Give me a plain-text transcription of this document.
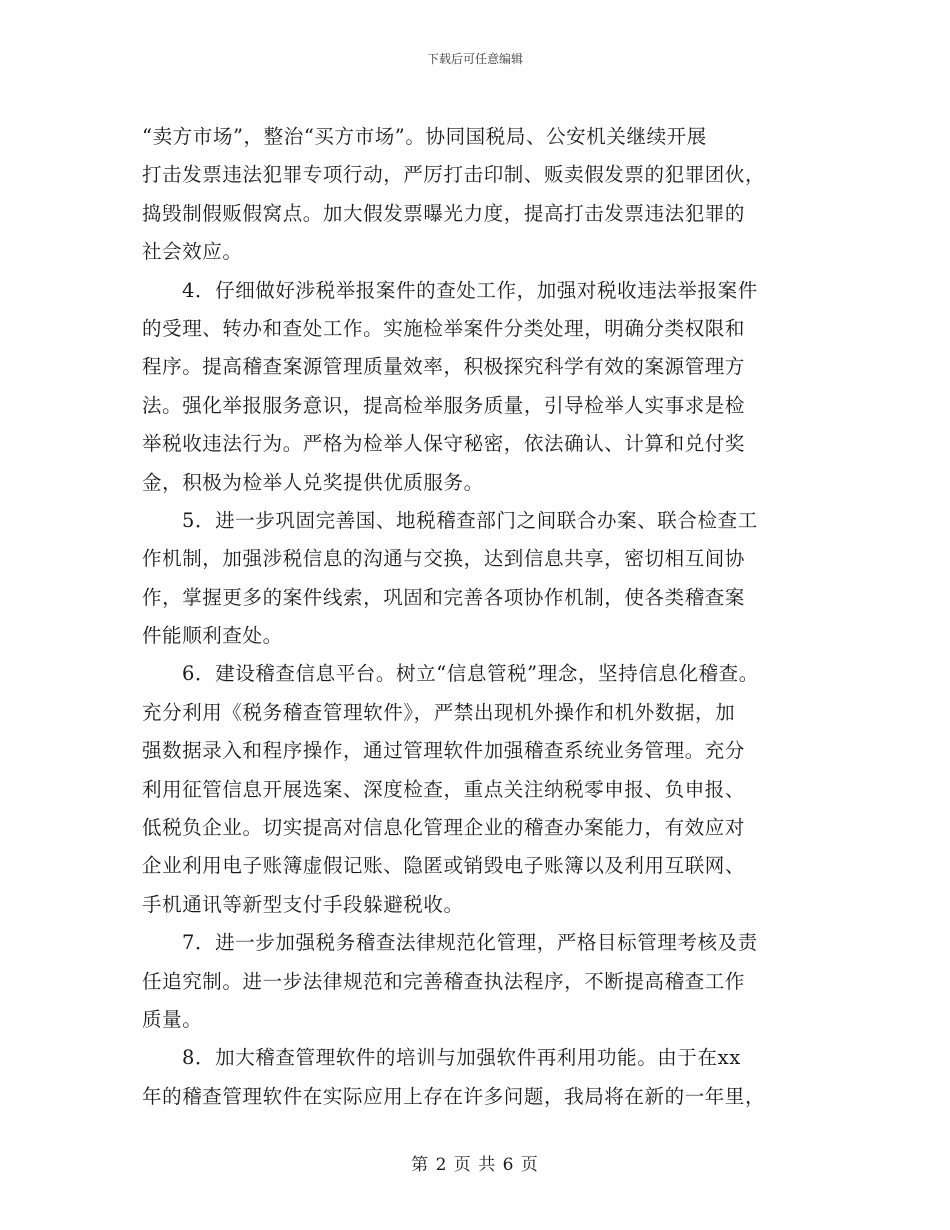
下载后可任意编辑
“卖方市场”，整治“买方市场”。协同国税局、公安机关继续开展
打击发票违法犯罪专项行动，严厉打击印制、贩卖假发票的犯罪团伙，
捣毁制假贩假窝点。加大假发票曝光力度，提高打击发票违法犯罪的
社会效应。
4．仔细做好涉税举报案件的查处工作，加强对税收违法举报案件
的受理、转办和查处工作。实施检举案件分类处理，明确分类权限和
程序。提高稽查案源管理质量效率，积极探究科学有效的案源管理方
法。强化举报服务意识，提高检举服务质量，引导检举人实事求是检
举税收违法行为。严格为检举人保守秘密，依法确认、计算和兑付奖
金，积极为检举人兑奖提供优质服务。
5．进一步巩固完善国、地税稽查部门之间联合办案、联合检查工
作机制，加强涉税信息的沟通与交换，达到信息共享，密切相互间协
作，掌握更多的案件线索，巩固和完善各项协作机制，使各类稽查案
件能顺利查处。
6．建设稽查信息平台。树立“信息管税”理念，坚持信息化稽查。
充分利用《税务稽查管理软件》，严禁出现机外操作和机外数据，加
强数据录入和程序操作，通过管理软件加强稽查系统业务管理。充分
利用征管信息开展选案、深度检查，重点关注纳税零申报、负申报、
低税负企业。切实提高对信息化管理企业的稽查办案能力，有效应对
企业利用电子账簿虚假记账、隐匿或销毁电子账簿以及利用互联网、
手机通讯等新型支付手段躲避税收。
7．进一步加强税务稽查法律规范化管理，严格目标管理考核及责
任追究制。进一步法律规范和完善稽查执法程序，不断提高稽查工作
质量。
8．加大稽查管理软件的培训与加强软件再利用功能。由于在xx
年的稽查管理软件在实际应用上存在许多问题，我局将在新的一年里，
第 2 页 共 6 页
